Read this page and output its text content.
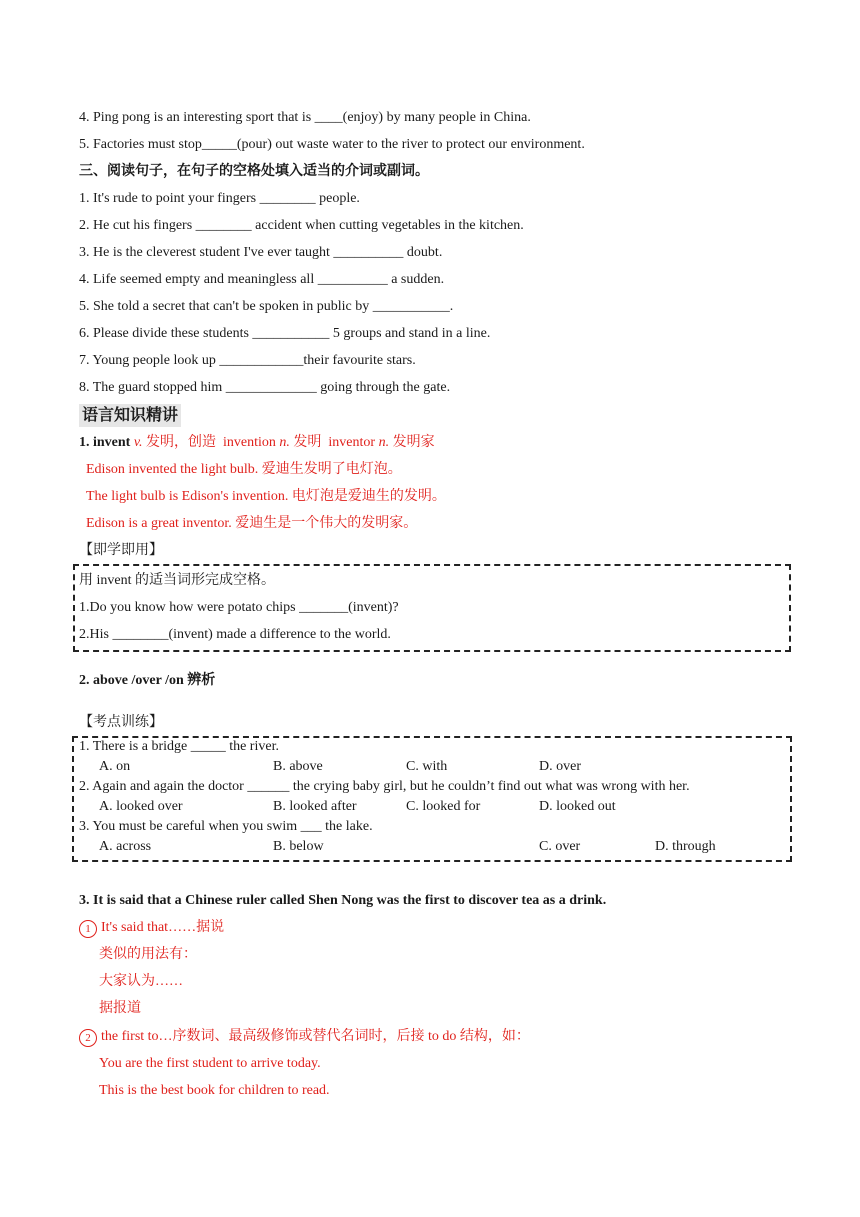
4. Ping pong is an interesting sport that is ____(enjoy) by many people in China.
5. Factories must stop_____(pour) out waste water to the river to protect our environment.
三、阅读句子，在句子的空格处填入适当的介词或副词。
1. It's rude to point your fingers ________ people.
2. He cut his fingers ________ accident when cutting vegetables in the kitchen.
3. He is the cleverest student I've ever taught __________ doubt.
4. Life seemed empty and meaningless all __________ a sudden.
5. She told a secret that can't be spoken in public by ___________.
6. Please divide these students ___________ 5 groups and stand in a line.
7. Young people look up ____________their favourite stars.
8. The guard stopped him _____________ going through the gate.
语言知识精讲
1. invent v. 发明，创造 invention n. 发明 inventor n. 发明家
Edison invented the light bulb. 爱迪生发明了电灯泡。
The light bulb is Edison's invention. 电灯泡是爱迪生的发明。
Edison is a great inventor. 爱迪生是一个伟大的发明家。
【即学即用】
用 invent 的适当词形完成空格。
1.Do you know how were potato chips _______(invent)?
2.His ________(invent) made a difference to the world.
2. above /over /on 辨析
【考点训练】
1. There is a bridge _____ the river.
A. on	B. above	C. with	D. over
2. Again and again the doctor ______ the crying baby girl, but he couldn’t find out what was wrong with her.
A. looked over	B. looked after	C. looked for	D. looked out
3. You must be careful when you swim ___ the lake.
A. across	B. below	C. over	D. through
3. It is said that a Chinese ruler called Shen Nong was the first to discover tea as a drink.
1 It's said that……据说
类似的用法有：
大家认为……
据报道
2 the first to…序数词、最高级修饰或替代名词时，后接 to do 结构，如：
You are the first student to arrive today.
This is the best book for children to read.
